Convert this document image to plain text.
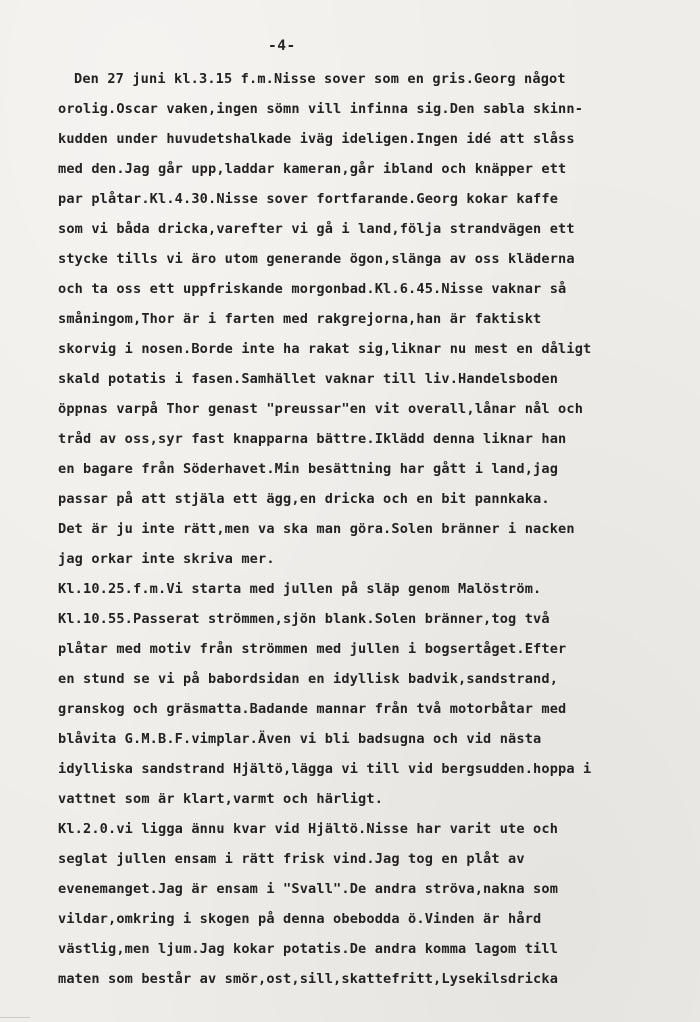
-4-
Den 27 juni kl.3.15 f.m.Nisse sover som en gris.Georg något
orolig.Oscar vaken,ingen sömn vill infinna sig.Den sabla skinn-
kudden under huvudetshalkade iväg ideligen.Ingen idé att slåss
med den.Jag går upp,laddar kameran,går ibland och knäpper ett
par plåtar.Kl.4.30.Nisse sover fortfarande.Georg kokar kaffe
som vi båda dricka,varefter vi gå i land,följa strandvägen ett
stycke tills vi äro utom generande ögon,slänga av oss kläderna
och ta oss ett uppfriskande morgonbad.Kl.6.45.Nisse vaknar så
småningom,Thor är i farten med rakgrejorna,han är faktiskt
skorvig i nosen.Borde inte ha rakat sig,liknar nu mest en dåligt
skald potatis i fasen.Samhället vaknar till liv.Handelsboden
öppnas varpå Thor genast "preussar"en vit overall,lånar nål och
tråd av oss,syr fast knapparna bättre.Iklädd denna liknar han
en bagare från Söderhavet.Min besättning har gått i land,jag
passar på att stjäla ett ägg,en dricka och en bit pannkaka.
Det är ju inte rätt,men va ska man göra.Solen bränner i nacken
jag orkar inte skriva mer.
Kl.10.25.f.m.Vi starta med jullen på släp genom Malöström.
Kl.10.55.Passerat strömmen,sjön blank.Solen bränner,tog två
plåtar med motiv från strömmen med jullen i bogsertåget.Efter
en stund se vi på babordsidan en idyllisk badvik,sandstrand,
granskog och gräsmatta.Badande mannar från två motorbåtar med
blåvita G.M.B.F.vimplar.Även vi bli badsugna och vid nästa
idylliska sandstrand Hjältö,lägga vi till vid bergsudden.hoppa i
vattnet som är klart,varmt och härligt.
Kl.2.0.vi ligga ännu kvar vid Hjältö.Nisse har varit ute och
seglat jullen ensam i rätt frisk vind.Jag tog en plåt av
evenemanget.Jag är ensam i "Svall".De andra ströva,nakna som
vildar,omkring i skogen på denna obebodda ö.Vinden är hård
västlig,men ljum.Jag kokar potatis.De andra komma lagom till
maten som består av smör,ost,sill,skattefritt,Lysekilsdricka
